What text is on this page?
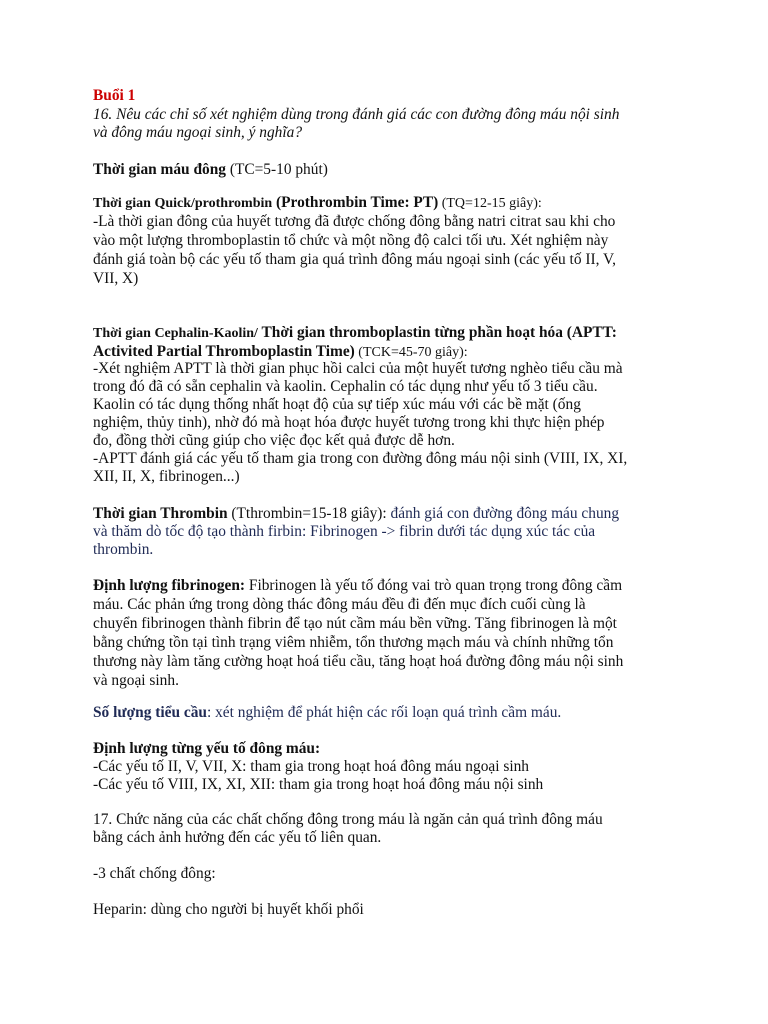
Buổi 1
16. Nêu các chỉ số xét nghiệm dùng trong đánh giá các con đường đông máu nội sinh
và đông máu ngoại sinh, ý nghĩa?
Thời gian máu đông (TC=5-10 phút)
Thời gian Quick/prothrombin (Prothrombin Time: PT) (TQ=12-15 giây):
-Là thời gian đông của huyết tương đã được chống đông bằng natri citrat sau khi cho
vào một lượng thromboplastin tổ chức và một nồng độ calci tối ưu. Xét nghiệm này
đánh giá toàn bộ các yếu tố tham gia quá trình đông máu ngoại sinh (các yếu tố II, V,
VII, X)
Thời gian Cephalin-Kaolin/ Thời gian thromboplastin từng phần hoạt hóa (APTT:
Activited Partial Thromboplastin Time) (TCK=45-70 giây):
-Xét nghiệm APTT là thời gian phục hồi calci của một huyết tương nghèo tiểu cầu mà
trong đó đã có sẵn cephalin và kaolin. Cephalin có tác dụng như yếu tố 3 tiểu cầu.
Kaolin có tác dụng thống nhất hoạt độ của sự tiếp xúc máu với các bề mặt (ống
nghiệm, thủy tinh), nhờ đó mà hoạt hóa được huyết tương trong khi thực hiện phép
đo, đồng thời cũng giúp cho việc đọc kết quả được dễ hơn.
-APTT đánh giá các yếu tố tham gia trong con đường đông máu nội sinh (VIII, IX, XI,
XII, II, X, fibrinogen...)
Thời gian Thrombin (Tthrombin=15-18 giây): đánh giá con đường đông máu chung
và thăm dò tốc độ tạo thành firbin: Fibrinogen -> fibrin dưới tác dụng xúc tác của
thrombin.
Định lượng fibrinogen: Fibrinogen là yếu tố đóng vai trò quan trọng trong đông cầm
máu. Các phản ứng trong dòng thác đông máu đều đi đến mục đích cuối cùng là
chuyển fibrinogen thành fibrin để tạo nút cầm máu bền vững. Tăng fibrinogen là một
bằng chứng tồn tại tình trạng viêm nhiễm, tổn thương mạch máu và chính những tổn
thương này làm tăng cường hoạt hoá tiểu cầu, tăng hoạt hoá đường đông máu nội sinh
và ngoại sinh.
Số lượng tiểu cầu: xét nghiệm để phát hiện các rối loạn quá trình cầm máu.
Định lượng từng yếu tố đông máu:
-Các yếu tố II, V, VII, X: tham gia trong hoạt hoá đông máu ngoại sinh
-Các yếu tố VIII, IX, XI, XII: tham gia trong hoạt hoá đông máu nội sinh
17. Chức năng của các chất chống đông trong máu là ngăn cản quá trình đông máu
bằng cách ảnh hưởng đến các yếu tố liên quan.
-3 chất chống đông:
Heparin: dùng cho người bị huyết khối phổi
